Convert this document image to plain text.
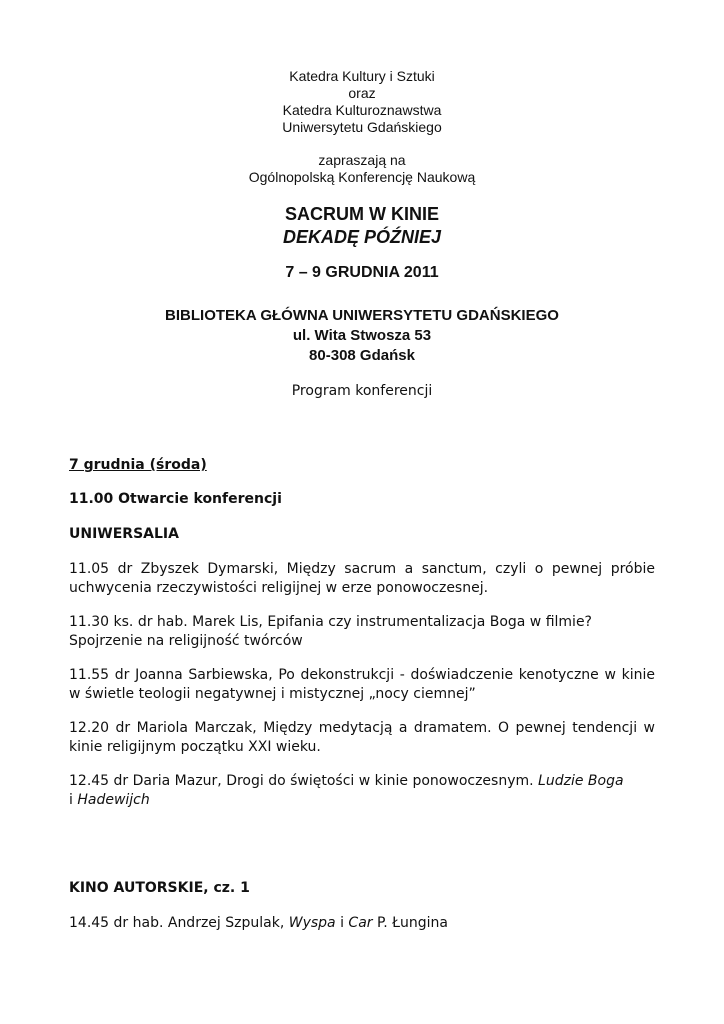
Katedra Kultury i Sztuki

oraz

Katedra Kulturoznawstwa

Uniwersytetu Gdańskiego

zapraszają na

Ogólnopolską Konferencję Naukową

SACRUM W KINIE

DEKADĘ PÓŹNIEJ

7 – 9 GRUDNIA 2011

BIBLIOTEKA GŁÓWNA UNIWERSYTETU GDAŃSKIEGO

ul. Wita Stwosza 53

80-308 Gdańsk

Program konferencji

7 grudnia (środa)

11.00 Otwarcie konferencji

UNIWERSALIA

11.05 dr Zbyszek Dymarski, Między sacrum a sanctum, czyli o pewnej próbie uchwycenia rzeczywistości religijnej w erze ponowoczesnej.

11.30 ks. dr hab. Marek Lis, Epifania czy instrumentalizacja Boga w filmie? Spojrzenie na religijność twórców

11.55 dr Joanna Sarbiewska, Po dekonstrukcji - doświadczenie kenotyczne w kinie w świetle teologii negatywnej i mistycznej „nocy ciemnej”

12.20 dr Mariola Marczak, Między medytacją a dramatem. O pewnej tendencji w kinie religijnym początku XXI wieku.

12.45 dr Daria Mazur, Drogi do świętości w kinie ponowoczesnym. Ludzie Boga
i Hadewijch

KINO AUTORSKIE, cz. 1

14.45 dr hab. Andrzej Szpulak, Wyspa i Car P. Łungina
